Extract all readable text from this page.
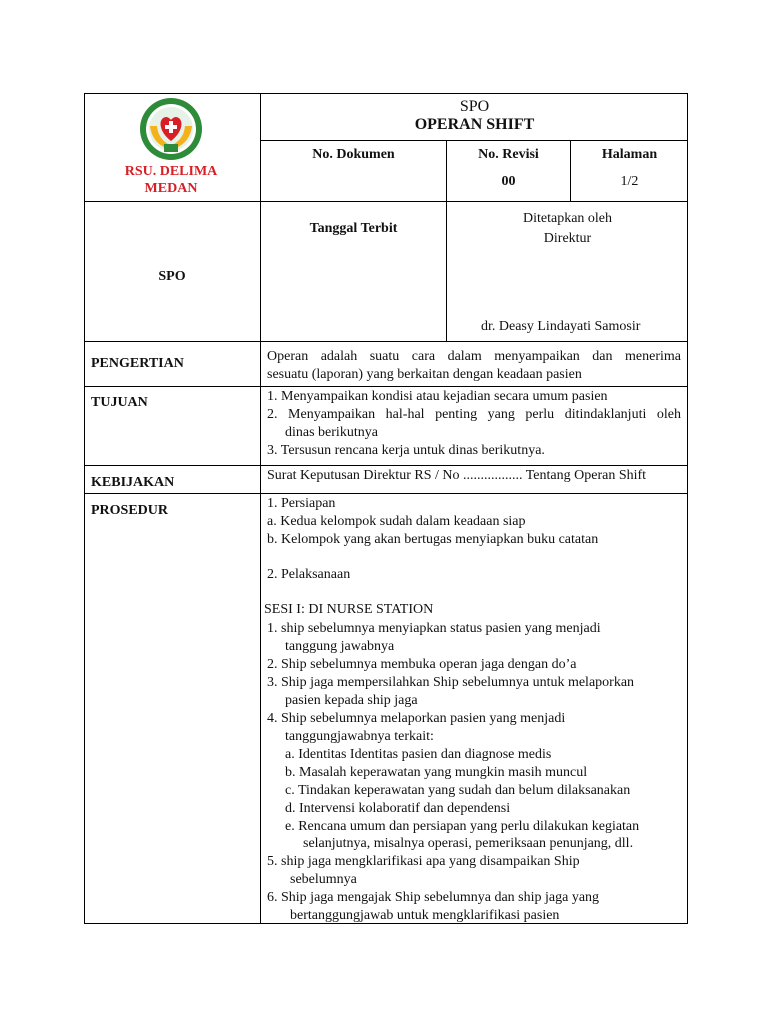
RSU. DELIMA
MEDAN
SPO
OPERAN SHIFT
No. Dokumen	No. Revisi
00
Halaman
1/2
SPO
Tanggal Terbit
Ditetapkan oleh
Direktur
dr. Deasy Lindayati Samosir
PENGERTIAN
TUJUAN
KEBIJAKAN
PROSEDUR
Operan adalah suatu cara dalam menyampaikan dan menerima
sesuatu (laporan) yang berkaitan dengan keadaan pasien
1. Menyampaikan kondisi atau kejadian secara umum pasien
2. Menyampaikan hal-hal penting yang perlu ditindaklanjuti oleh
dinas berikutnya
3. Tersusun rencana kerja untuk dinas berikutnya.
Surat Keputusan Direktur RS / No ................. Tentang Operan Shift
1. Persiapan
a. Kedua kelompok sudah dalam keadaan siap
b. Kelompok yang akan bertugas menyiapkan buku catatan
2. Pelaksanaan
SESI I: DI NURSE STATION
1. ship sebelumnya menyiapkan status pasien yang menjadi
tanggung jawabnya
2. Ship sebelumnya membuka operan jaga dengan do’a
3. Ship jaga mempersilahkan Ship sebelumnya untuk melaporkan
pasien kepada ship jaga
4. Ship sebelumnya melaporkan pasien yang menjadi
tanggungjawabnya terkait:
a. Identitas Identitas pasien dan diagnose medis
b. Masalah keperawatan yang mungkin masih muncul
c. Tindakan keperawatan yang sudah dan belum dilaksanakan
d. Intervensi kolaboratif dan dependensi
e. Rencana umum dan persiapan yang perlu dilakukan kegiatan
selanjutnya, misalnya operasi, pemeriksaan penunjang, dll.
5. ship jaga mengklarifikasi apa yang disampaikan Ship
sebelumnya
6. Ship jaga mengajak Ship sebelumnya dan ship jaga yang
bertanggungjawab untuk mengklarifikasi pasien
